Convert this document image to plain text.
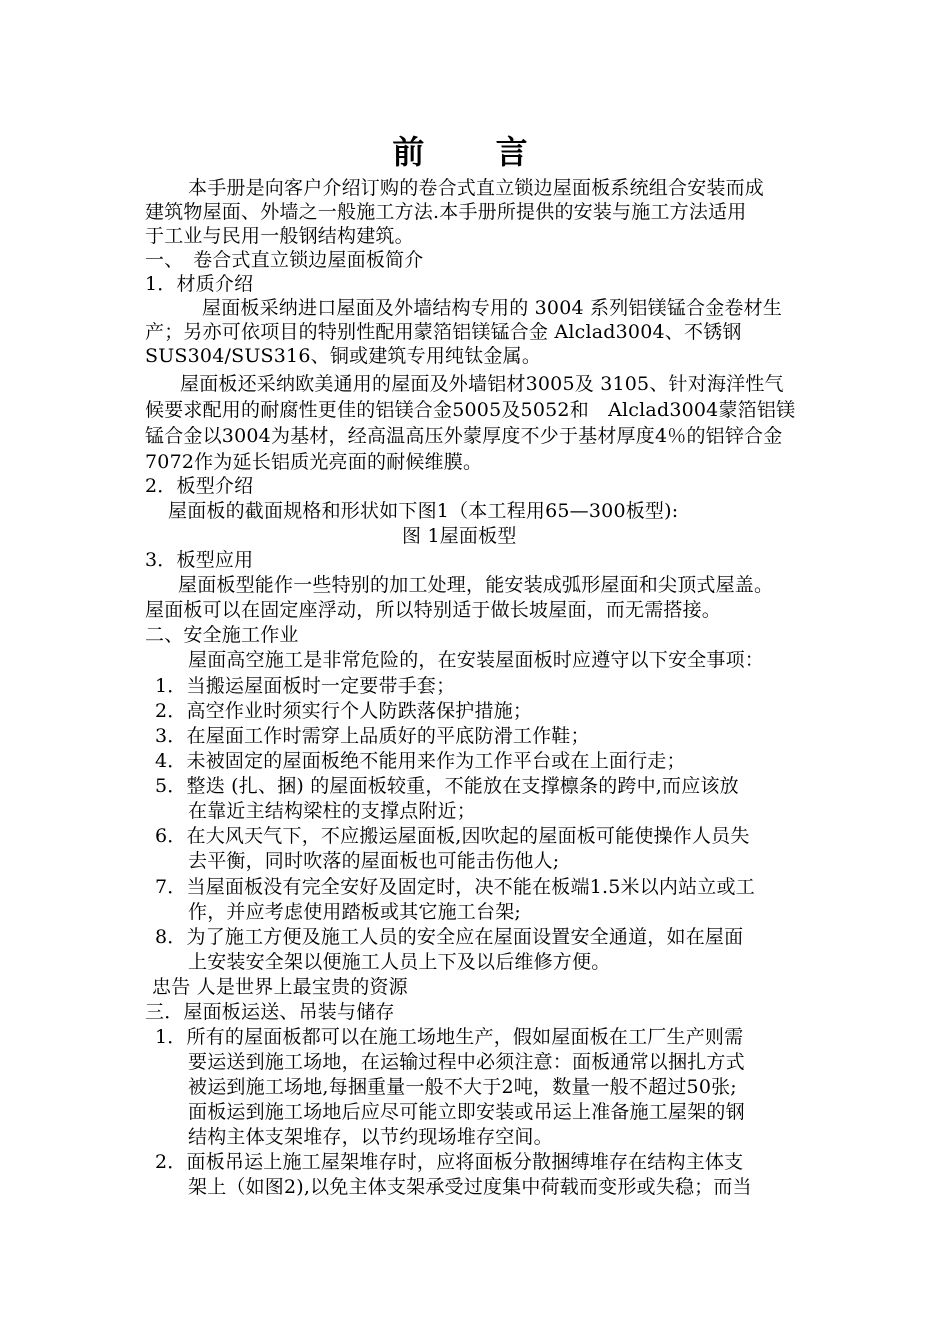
前 言
本手册是向客户介绍订购的卷合式直立锁边屋面板系统组合安装而成
建筑物屋面、外墙之一般施工方法.本手册所提供的安装与施工方法适用
于工业与民用一般钢结构建筑。
一、　卷合式直立锁边屋面板简介
1．材质介绍
屋面板采纳进口屋面及外墙结构专用的 3004 系列铝镁锰合金卷材生
产；另亦可依项目的特别性配用蒙箔铝镁锰合金 Alclad3004、不锈钢
SUS304/SUS316、铜或建筑专用纯钛金属。
屋面板还采纳欧美通用的屋面及外墙铝材3005及 3105、针对海洋性气
候要求配用的耐腐性更佳的铝镁合金5005及5052和　Alclad3004蒙箔铝镁
锰合金以3004为基材，经高温高压外蒙厚度不少于基材厚度4％的铝锌合金
7072作为延长铝质光亮面的耐候维膜。
2．板型介绍
屋面板的截面规格和形状如下图1（本工程用65—300板型):
图 1屋面板型
3．板型应用
屋面板型能作一些特别的加工处理，能安装成弧形屋面和尖顶式屋盖。
屋面板可以在固定座浮动，所以特别适于做长坡屋面，而无需搭接。
二、安全施工作业
屋面高空施工是非常危险的，在安装屋面板时应遵守以下安全事项：
1．当搬运屋面板时一定要带手套；
2．高空作业时须实行个人防跌落保护措施；
3．在屋面工作时需穿上品质好的平底防滑工作鞋；
4．未被固定的屋面板绝不能用来作为工作平台或在上面行走；
5．整迭 (扎、捆) 的屋面板较重，不能放在支撑檩条的跨中,而应该放
在靠近主结构梁柱的支撑点附近；
6．在大风天气下，不应搬运屋面板,因吹起的屋面板可能使操作人员失
去平衡，同时吹落的屋面板也可能击伤他人;
7．当屋面板没有完全安好及固定时，决不能在板端1.5米以内站立或工
作，并应考虑使用踏板或其它施工台架;
8．为了施工方便及施工人员的安全应在屋面设置安全通道，如在屋面
上安装安全架以便施工人员上下及以后维修方便。
忠告 人是世界上最宝贵的资源
三．屋面板运送、吊装与储存
1．所有的屋面板都可以在施工场地生产，假如屋面板在工厂生产则需
要运送到施工场地，在运输过程中必须注意：面板通常以捆扎方式
被运到施工场地,每捆重量一般不大于2吨，数量一般不超过50张;
面板运到施工场地后应尽可能立即安装或吊运上准备施工屋架的钢
结构主体支架堆存，以节约现场堆存空间。
2．面板吊运上施工屋架堆存时，应将面板分散捆缚堆存在结构主体支
架上（如图2),以免主体支架承受过度集中荷载而变形或失稳；而当
